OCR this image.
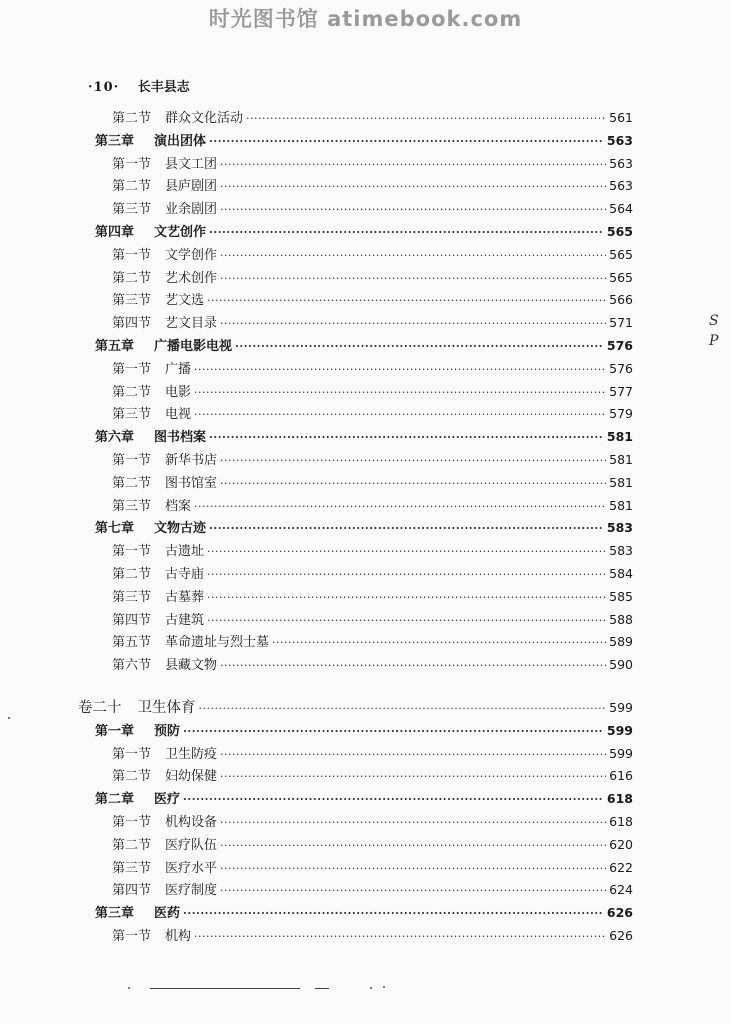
时光图书馆 atimebook.com
·10· 长丰县志
第二节 群众文化活动 ·····	561
第三章 演出团体 ·····	563
第一节 县文工团 ·····	563
第二节 县庐剧团 ·····	563
第三节 业余剧团 ·····	564
第四章 文艺创作 ·····	565
第一节 文学创作 ·····	565
第二节 艺术创作 ·····	565
第三节 艺文选 ·····	566
第四节 艺文目录 ·····	571
第五章 广播电影电视 ·····	576
第一节 广播 ·····	576
第二节 电影 ·····	577
第三节 电视 ·····	579
第六章 图书档案 ·····	581
第一节 新华书店 ·····	581
第二节 图书馆室 ·····	581
第三节 档案 ·····	581
第七章 文物古迹 ·····	583
第一节 古遗址 ·····	583
第二节 古寺庙 ·····	584
第三节 古墓葬 ·····	585
第四节 古建筑 ·····	588
第五节 革命遗址与烈士墓 ·····	589
第六节 县藏文物 ·····	590
卷二十 卫生体育 ·····	599
第一章 预防 ·····	599
第一节 卫生防疫 ·····	599
第二节 妇幼保健 ·····	616
第二章 医疗 ·····	618
第一节 机构设备 ·····	618
第二节 医疗队伍 ·····	620
第三节 医疗水平 ·····	622
第四节 医疗制度 ·····	624
第三章 医药 ·····	626
第一节 机构 ·····	626
S
P
